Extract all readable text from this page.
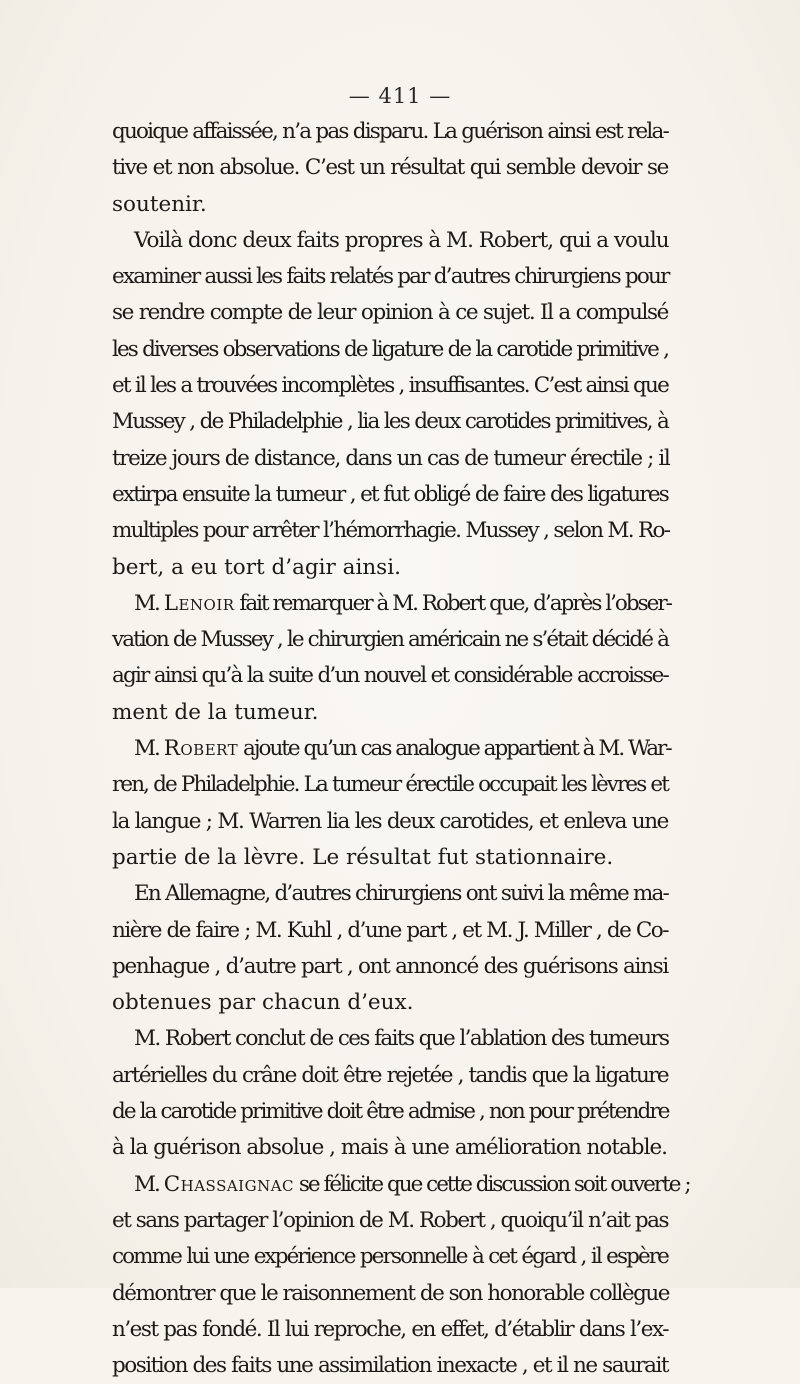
— 411 —

quoique affaissée, n’a pas disparu. La guérison ainsi est rela-
tive et non absolue. C’est un résultat qui semble devoir se
soutenir.

Voilà donc deux faits propres à M. Robert, qui a voulu
examiner aussi les faits relatés par d’autres chirurgiens pour
se rendre compte de leur opinion à ce sujet. Il a compulsé
les diverses observations de ligature de la carotide primitive ,
et il les a trouvées incomplètes , insuffisantes. C’est ainsi que
Mussey , de Philadelphie , lia les deux carotides primitives, à
treize jours de distance, dans un cas de tumeur érectile ; il
extirpa ensuite la tumeur , et fut obligé de faire des ligatures
multiples pour arrêter l’hémorrhagie. Mussey , selon M. Ro-
bert, a eu tort d’agir ainsi.

M. Lenoir fait remarquer à M. Robert que, d’après l’obser-
vation de Mussey , le chirurgien américain ne s’était décidé à
agir ainsi qu’à la suite d’un nouvel et considérable accroisse-
ment de la tumeur.

M. Robert ajoute qu’un cas analogue appartient à M. War-
ren, de Philadelphie. La tumeur érectile occupait les lèvres et
la langue ; M. Warren lia les deux carotides, et enleva une
partie de la lèvre. Le résultat fut stationnaire.

En Allemagne, d’autres chirurgiens ont suivi la même ma-
nière de faire ; M. Kuhl , d’une part , et M. J. Miller , de Co-
penhague , d’autre part , ont annoncé des guérisons ainsi
obtenues par chacun d’eux.

M. Robert conclut de ces faits que l’ablation des tumeurs
artérielles du crâne doit être rejetée , tandis que la ligature
de la carotide primitive doit être admise , non pour prétendre
à la guérison absolue , mais à une amélioration notable.

M. Chassaignac se félicite que cette discussion soit ouverte ;
et sans partager l’opinion de M. Robert , quoiqu’il n’ait pas
comme lui une expérience personnelle à cet égard , il espère
démontrer que le raisonnement de son honorable collègue
n’est pas fondé. Il lui reproche, en effet, d’établir dans l’ex-
position des faits une assimilation inexacte , et il ne saurait
